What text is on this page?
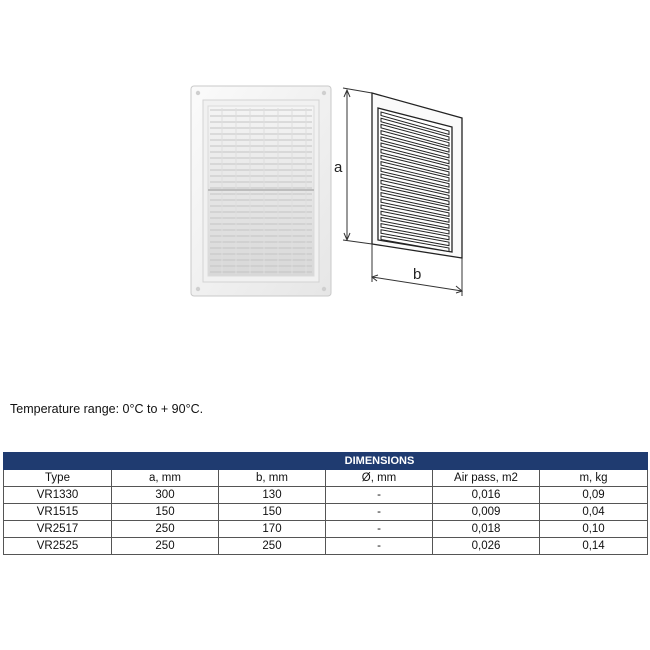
a
b
Temperature range: 0°C to + 90°C.
	DIMENSIONS				
Type	a, mm	b, mm	Ø, mm	Air pass, m2	m, kg
VR1330	300	130	-	0,016	0,09
VR1515	150	150	-	0,009	0,04
VR2517	250	170	-	0,018	0,10
VR2525	250	250	-	0,026	0,14
